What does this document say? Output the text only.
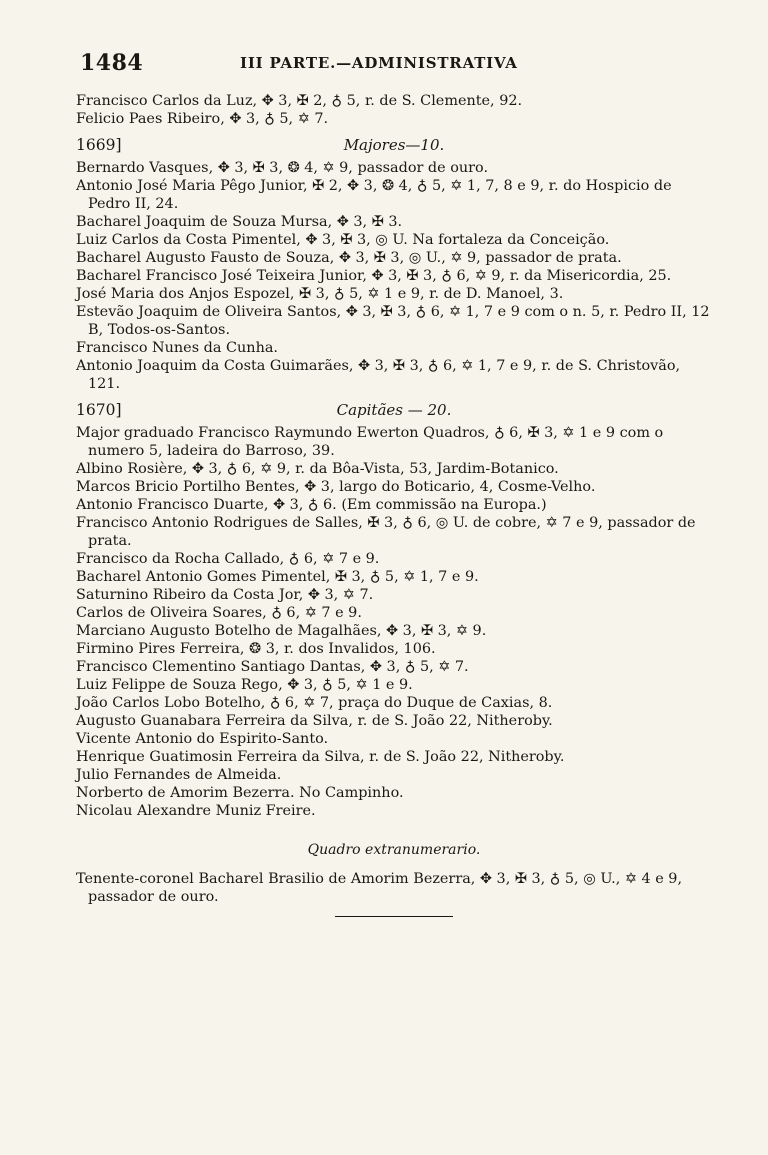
1484	III PARTE.—ADMINISTRATIVA

Francisco Carlos da Luz, ✥ 3, ✠ 2, ♁ 5, r. de S. Clemente, 92.

Felicio Paes Ribeiro, ✥ 3, ♁ 5, ✡ 7.

1669]	Majores—10.

Bernardo Vasques, ✥ 3, ✠ 3, ❂ 4, ✡ 9, passador de ouro.

Antonio José Maria Pêgo Junior, ✠ 2, ✥ 3, ❂ 4, ♁ 5, ✡ 1, 7, 8 e 9, r. do Hospicio de Pedro II, 24.

Bacharel Joaquim de Souza Mursa, ✥ 3, ✠ 3.

Luiz Carlos da Costa Pimentel, ✥ 3, ✠ 3, ◎ U. Na fortaleza da Conceição.

Bacharel Augusto Fausto de Souza, ✥ 3, ✠ 3, ◎ U., ✡ 9, passador de prata.

Bacharel Francisco José Teixeira Junior, ✥ 3, ✠ 3, ♁ 6, ✡ 9, r. da Misericordia, 25.

José Maria dos Anjos Espozel, ✠ 3, ♁ 5, ✡ 1 e 9, r. de D. Manoel, 3.

Estevão Joaquim de Oliveira Santos, ✥ 3, ✠ 3, ♁ 6, ✡ 1, 7 e 9 com o n. 5, r. Pedro II, 12 B, Todos-os-Santos.

Francisco Nunes da Cunha.

Antonio Joaquim da Costa Guimarães, ✥ 3, ✠ 3, ♁ 6, ✡ 1, 7 e 9, r. de S. Christovão, 121.

1670]	Capitães — 20.

Major graduado Francisco Raymundo Ewerton Quadros, ♁ 6, ✠ 3, ✡ 1 e 9 com o numero 5, ladeira do Barroso, 39.

Albino Rosière, ✥ 3, ♁ 6, ✡ 9, r. da Bôa-Vista, 53, Jardim-Botanico.

Marcos Bricio Portilho Bentes, ✥ 3, largo do Boticario, 4, Cosme-Velho.

Antonio Francisco Duarte, ✥ 3, ♁ 6. (Em commissão na Europa.)

Francisco Antonio Rodrigues de Salles, ✠ 3, ♁ 6, ◎ U. de cobre, ✡ 7 e 9, passador de prata.

Francisco da Rocha Callado, ♁ 6, ✡ 7 e 9.

Bacharel Antonio Gomes Pimentel, ✠ 3, ♁ 5, ✡ 1, 7 e 9.

Saturnino Ribeiro da Costa Jor, ✥ 3, ✡ 7.

Carlos de Oliveira Soares, ♁ 6, ✡ 7 e 9.

Marciano Augusto Botelho de Magalhães, ✥ 3, ✠ 3, ✡ 9.

Firmino Pires Ferreira, ❂ 3, r. dos Invalidos, 106.

Francisco Clementino Santiago Dantas, ✥ 3, ♁ 5, ✡ 7.

Luiz Felippe de Souza Rego, ✥ 3, ♁ 5, ✡ 1 e 9.

João Carlos Lobo Botelho, ♁ 6, ✡ 7, praça do Duque de Caxias, 8.

Augusto Guanabara Ferreira da Silva, r. de S. João 22, Nitheroby.

Vicente Antonio do Espirito-Santo.

Henrique Guatimosin Ferreira da Silva, r. de S. João 22, Nitheroby.

Julio Fernandes de Almeida.

Norberto de Amorim Bezerra. No Campinho.

Nicolau Alexandre Muniz Freire.

Quadro extranumerario.

Tenente-coronel Bacharel Brasilio de Amorim Bezerra, ✥ 3, ✠ 3, ♁ 5, ◎ U., ✡ 4 e 9, passador de ouro.
